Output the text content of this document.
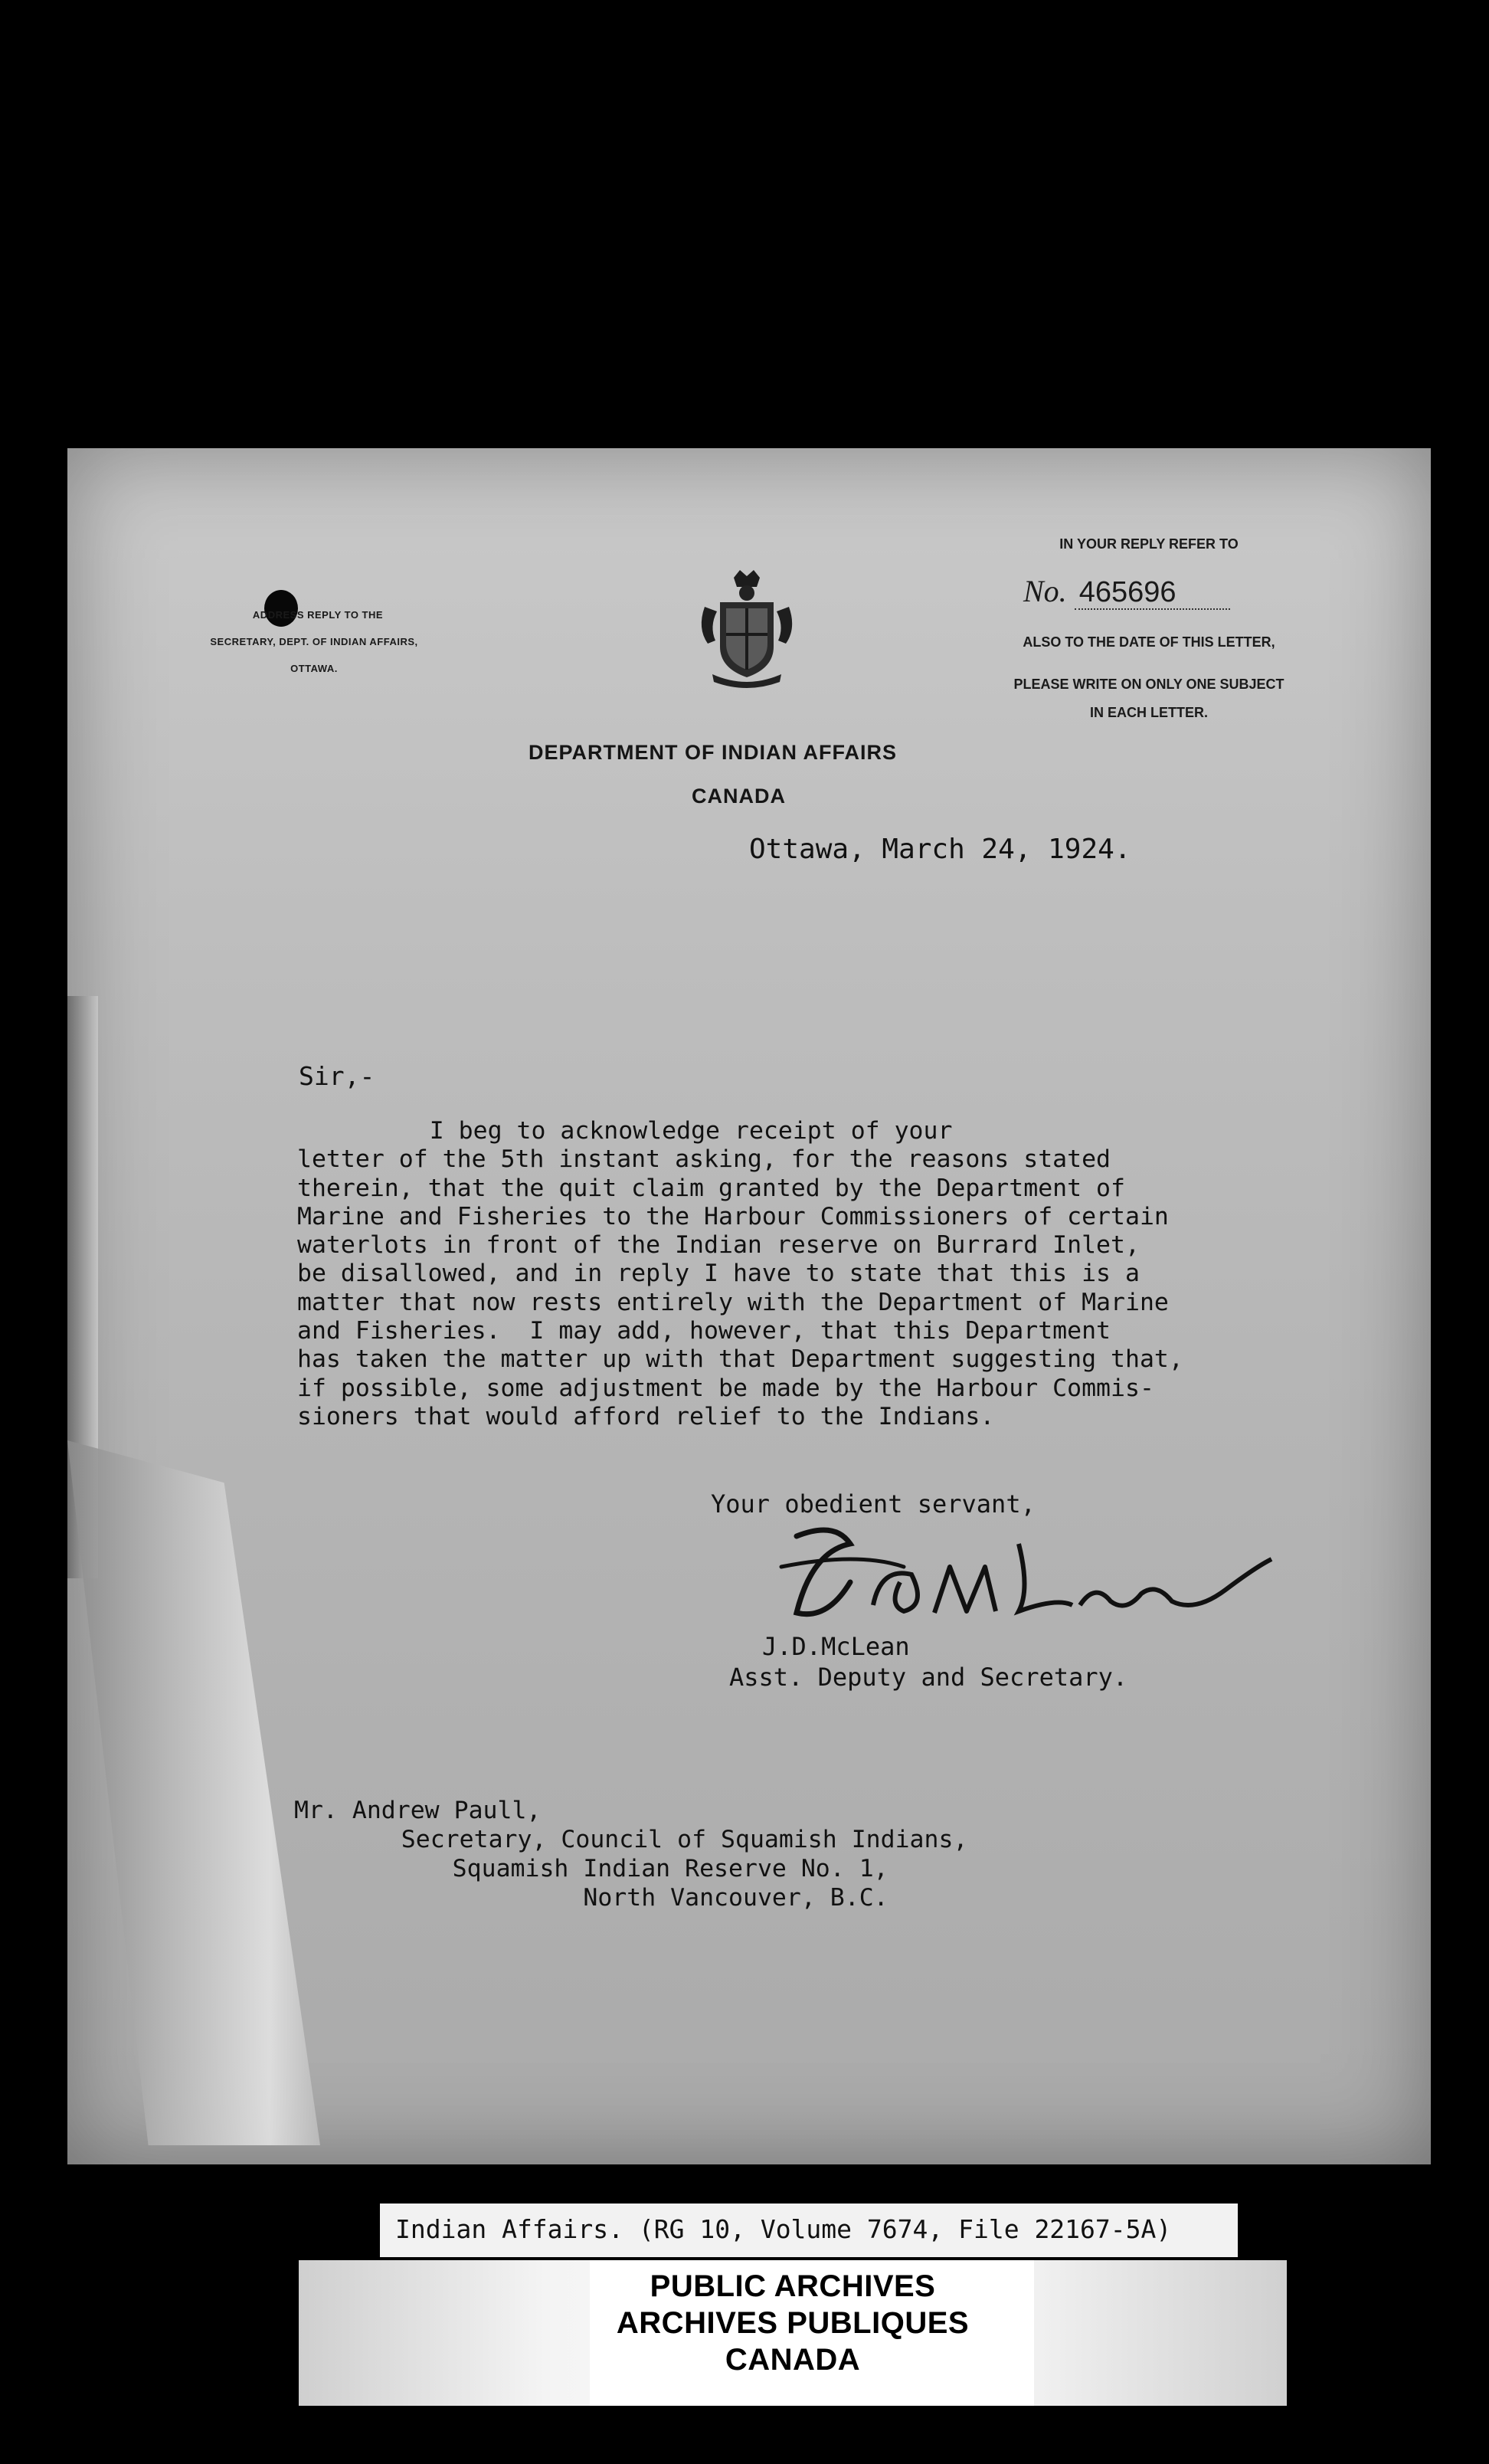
ADDRESS REPLY TO THE
SECRETARY, DEPT. OF INDIAN AFFAIRS,
OTTAWA.
IN YOUR REPLY REFER TO
No. 465696
ALSO TO THE DATE OF THIS LETTER,
PLEASE WRITE ON ONLY ONE SUBJECT
IN EACH LETTER.
DEPARTMENT OF INDIAN AFFAIRS
CANADA
Ottawa, March 24, 1924.
Sir,-
I beg to acknowledge receipt of your
letter of the 5th instant asking, for the reasons stated
therein, that the quit claim granted by the Department of
Marine and Fisheries to the Harbour Commissioners of certain
waterlots in front of the Indian reserve on Burrard Inlet,
be disallowed, and in reply I have to state that this is a
matter that now rests entirely with the Department of Marine
and Fisheries.  I may add, however, that this Department
has taken the matter up with that Department suggesting that,
if possible, some adjustment be made by the Harbour Commis-
sioners that would afford relief to the Indians.
Your obedient servant,
J.D.McLean
Asst. Deputy and Secretary.
Mr. Andrew Paull,
Secretary, Council of Squamish Indians,
Squamish Indian Reserve No. 1,
North Vancouver, B.C.
Indian Affairs. (RG 10, Volume 7674, File 22167-5A)
PUBLIC ARCHIVES
ARCHIVES PUBLIQUES
CANADA
